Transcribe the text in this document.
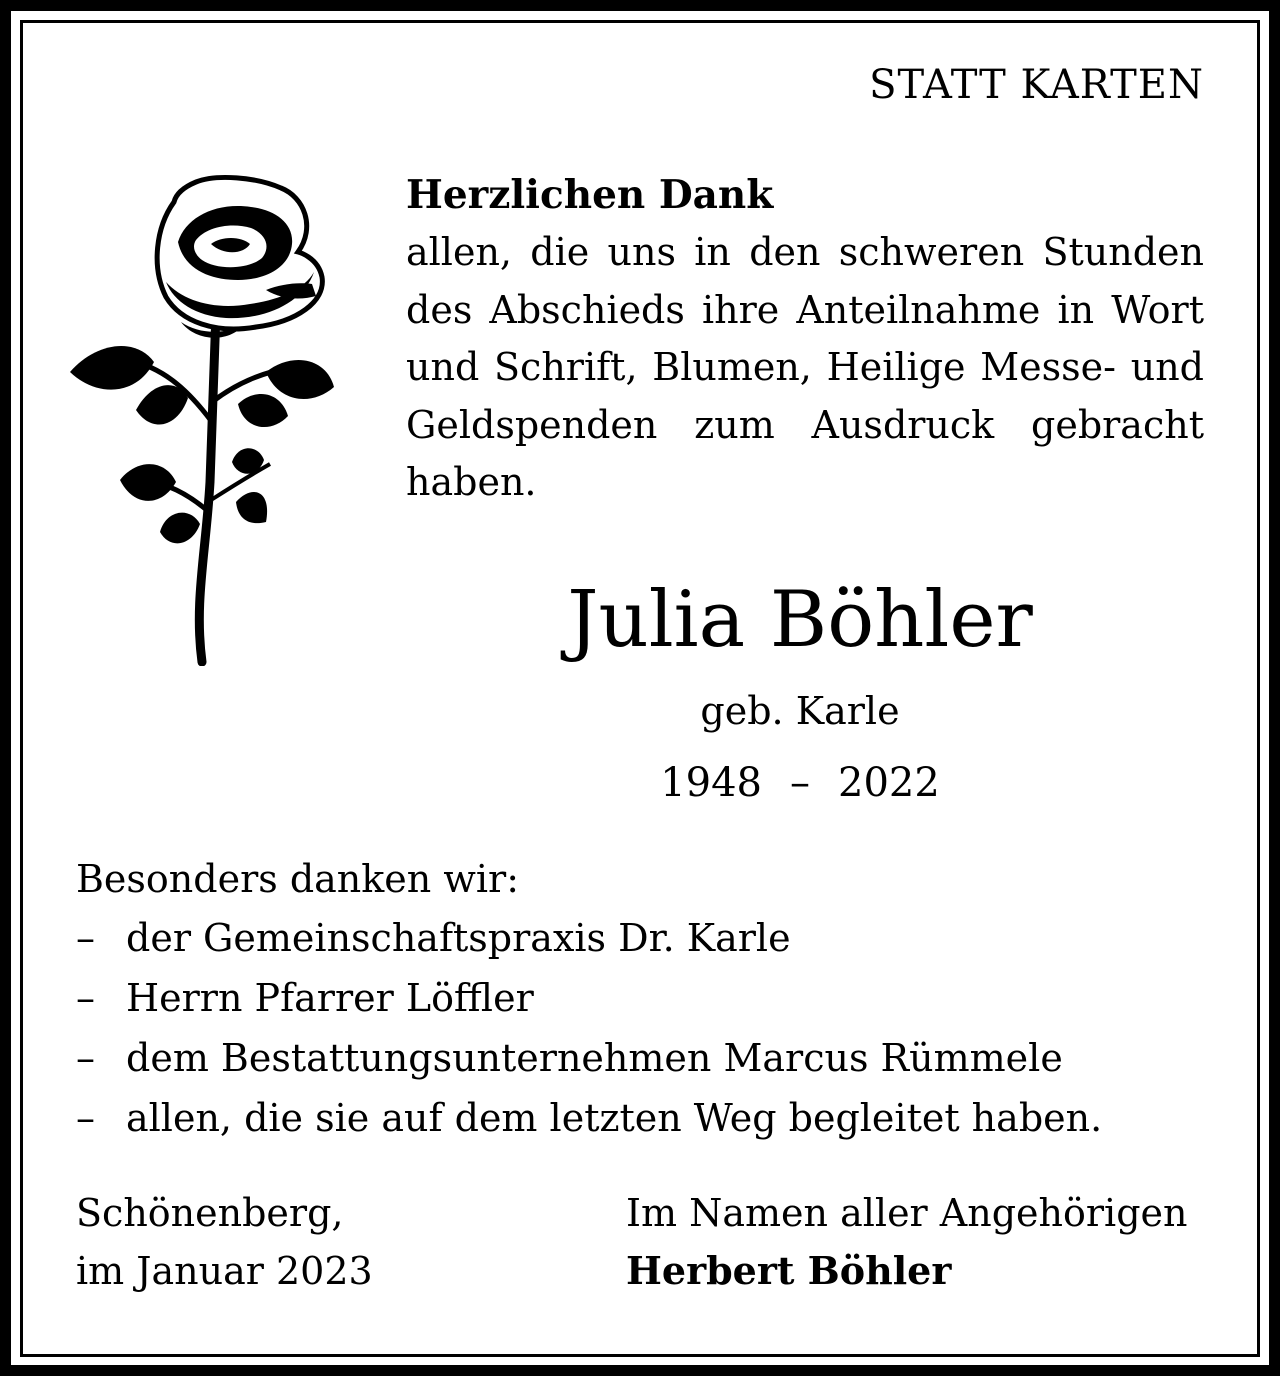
STATT KARTEN
Herzlichen Dank

allen, die uns in den schweren Stunden des Abschieds ihre Anteilnahme in Wort und Schrift, Blumen, Heilige Messe- und Geldspenden zum Ausdruck gebracht haben.

Julia Böhler
geb. Karle
1948 – 2022
Besonders danken wir:
– der Gemeinschaftspraxis Dr. Karle
– Herrn Pfarrer Löffler
– dem Bestattungsunternehmen Marcus Rümmele
– allen, die sie auf dem letzten Weg begleitet haben.
Schönenberg,
im Januar 2023
Im Namen aller Angehörigen
Herbert Böhler
